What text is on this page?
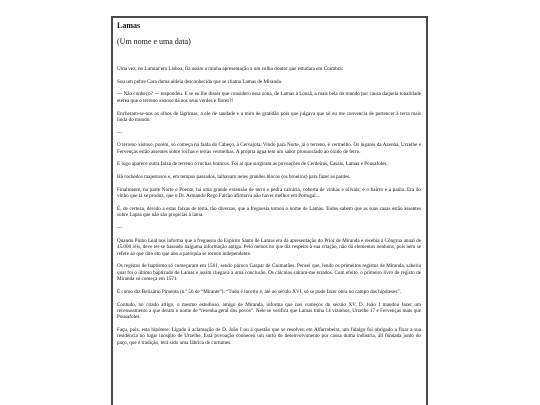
Lamas

(Um nome e uma data)

Uma vez, no Lumiar em Lisboa, fiz assim a minha apresentação a um velho doutor que estudara em Coimbra:

Sou um pobre Cara duma aldeia desconhecida que se chama Lamas de Miranda.

— Não conheço? — respondeu. E se eu lhe disser que considero essa zona, de Lamas à Lousã, a mais bela do mundo por causa daquela tonalidade etérea que o terreno xistoso dá aos seus verdes e flores?!

Encheram-se-nos os olhos de lágrimas, a ele de saudade e a mim de gratidão pois que julgava que só eu me convencia de pertencer à terra mais linda do mundo.

—

O terreno xistoso, porém, só começa na falda do Cabeço, à Cervajota. Vindo para Norte, já o terreno, é vermelho. Os lugares da Azenha, Urzelhe e Fervenças estão assentes sobre rochas e terras vermelhas. A própria água tem um sabor pronunciado ao óxido de ferro.

E logo aparece outra faixa de terreno o rochas brancos. Foi aí que surgiram as povoações de Cerdeiras, Casais, Lamas e Pousafoles.

Há rochedos majestosos e, em tempos passados, talhavam neles grandes blocos (os broeiros) para fazer as pardes.

Finalmente, na parte Norte e Poente, há uma grande extensão de terra e pedra calcária, coberta de vinhas e olivais; é o bairro e a paúla. Era do vinho que lá se produz, que o Dr. Armando Rego Falcão afirmava não haver melhor em Portugal...

É, de certeza, devido a estas faixas de terra, tão diversas, que a freguesia tomou o nome de Lamas. Todos sabem que as suas casas estão assentes sobre Lapas que não são propícias à lama.

—

Quando Pinho Leal nos informa que a freguesia do Espírito Santo de Lamas era da apresentação do Prior de Miranda e recebia a Côngrua anual de 45.000 réis, deve ter-se baseado nalguma informação antiga. Pelo menos no que diz respeito à sua criação, não dá elementos nenhuns, pois nem se refere ao que dito em que ano a paróquia se tornou independente.

Os registos de baptismo só começaram em 1561, sendo pároco Gaspar de Guimarães. Pensei que, lendo os primeiros registos de Miranda, saberia qual foi o último baptizado de Lamas e assim chegava a uma conclusão. Os cálculos saíram-me errados. Com efeito, o primeiro livro de registo de Miranda só começa em 1571.

É como diz Belizário Pimenta (n.º 56 de “Mirante”): “Tudo é incerto e, até ao século XVI, só se pode fazer obra no campo das hipóteses”.

Contudo, no citado artigo, o mesmo estudioso, amigo de Miranda, informa que nos começos do século XV, D. João I mandou fazer um recenseamento a que deram o nome de “resenha geral dos povos”. Nele se verifica que Lamas tinha 14 vizinhos, Urzelhe 17 e Fervenças mais que Pousafoles.

Façu, pois, esta hipótese: Ligado à aclamação de D. João I ou à questão que se resolveu em Alfarrobeira, um fidalgo foi obrigado a fixar a sua residência no lugar inóspito de Urzelhe. Esta povoação conheceu um surto de desenvolvimento por causa duma indústria, ali fundada junto do paço, que é tradição, terá sido uma fábrica de curtumes.
